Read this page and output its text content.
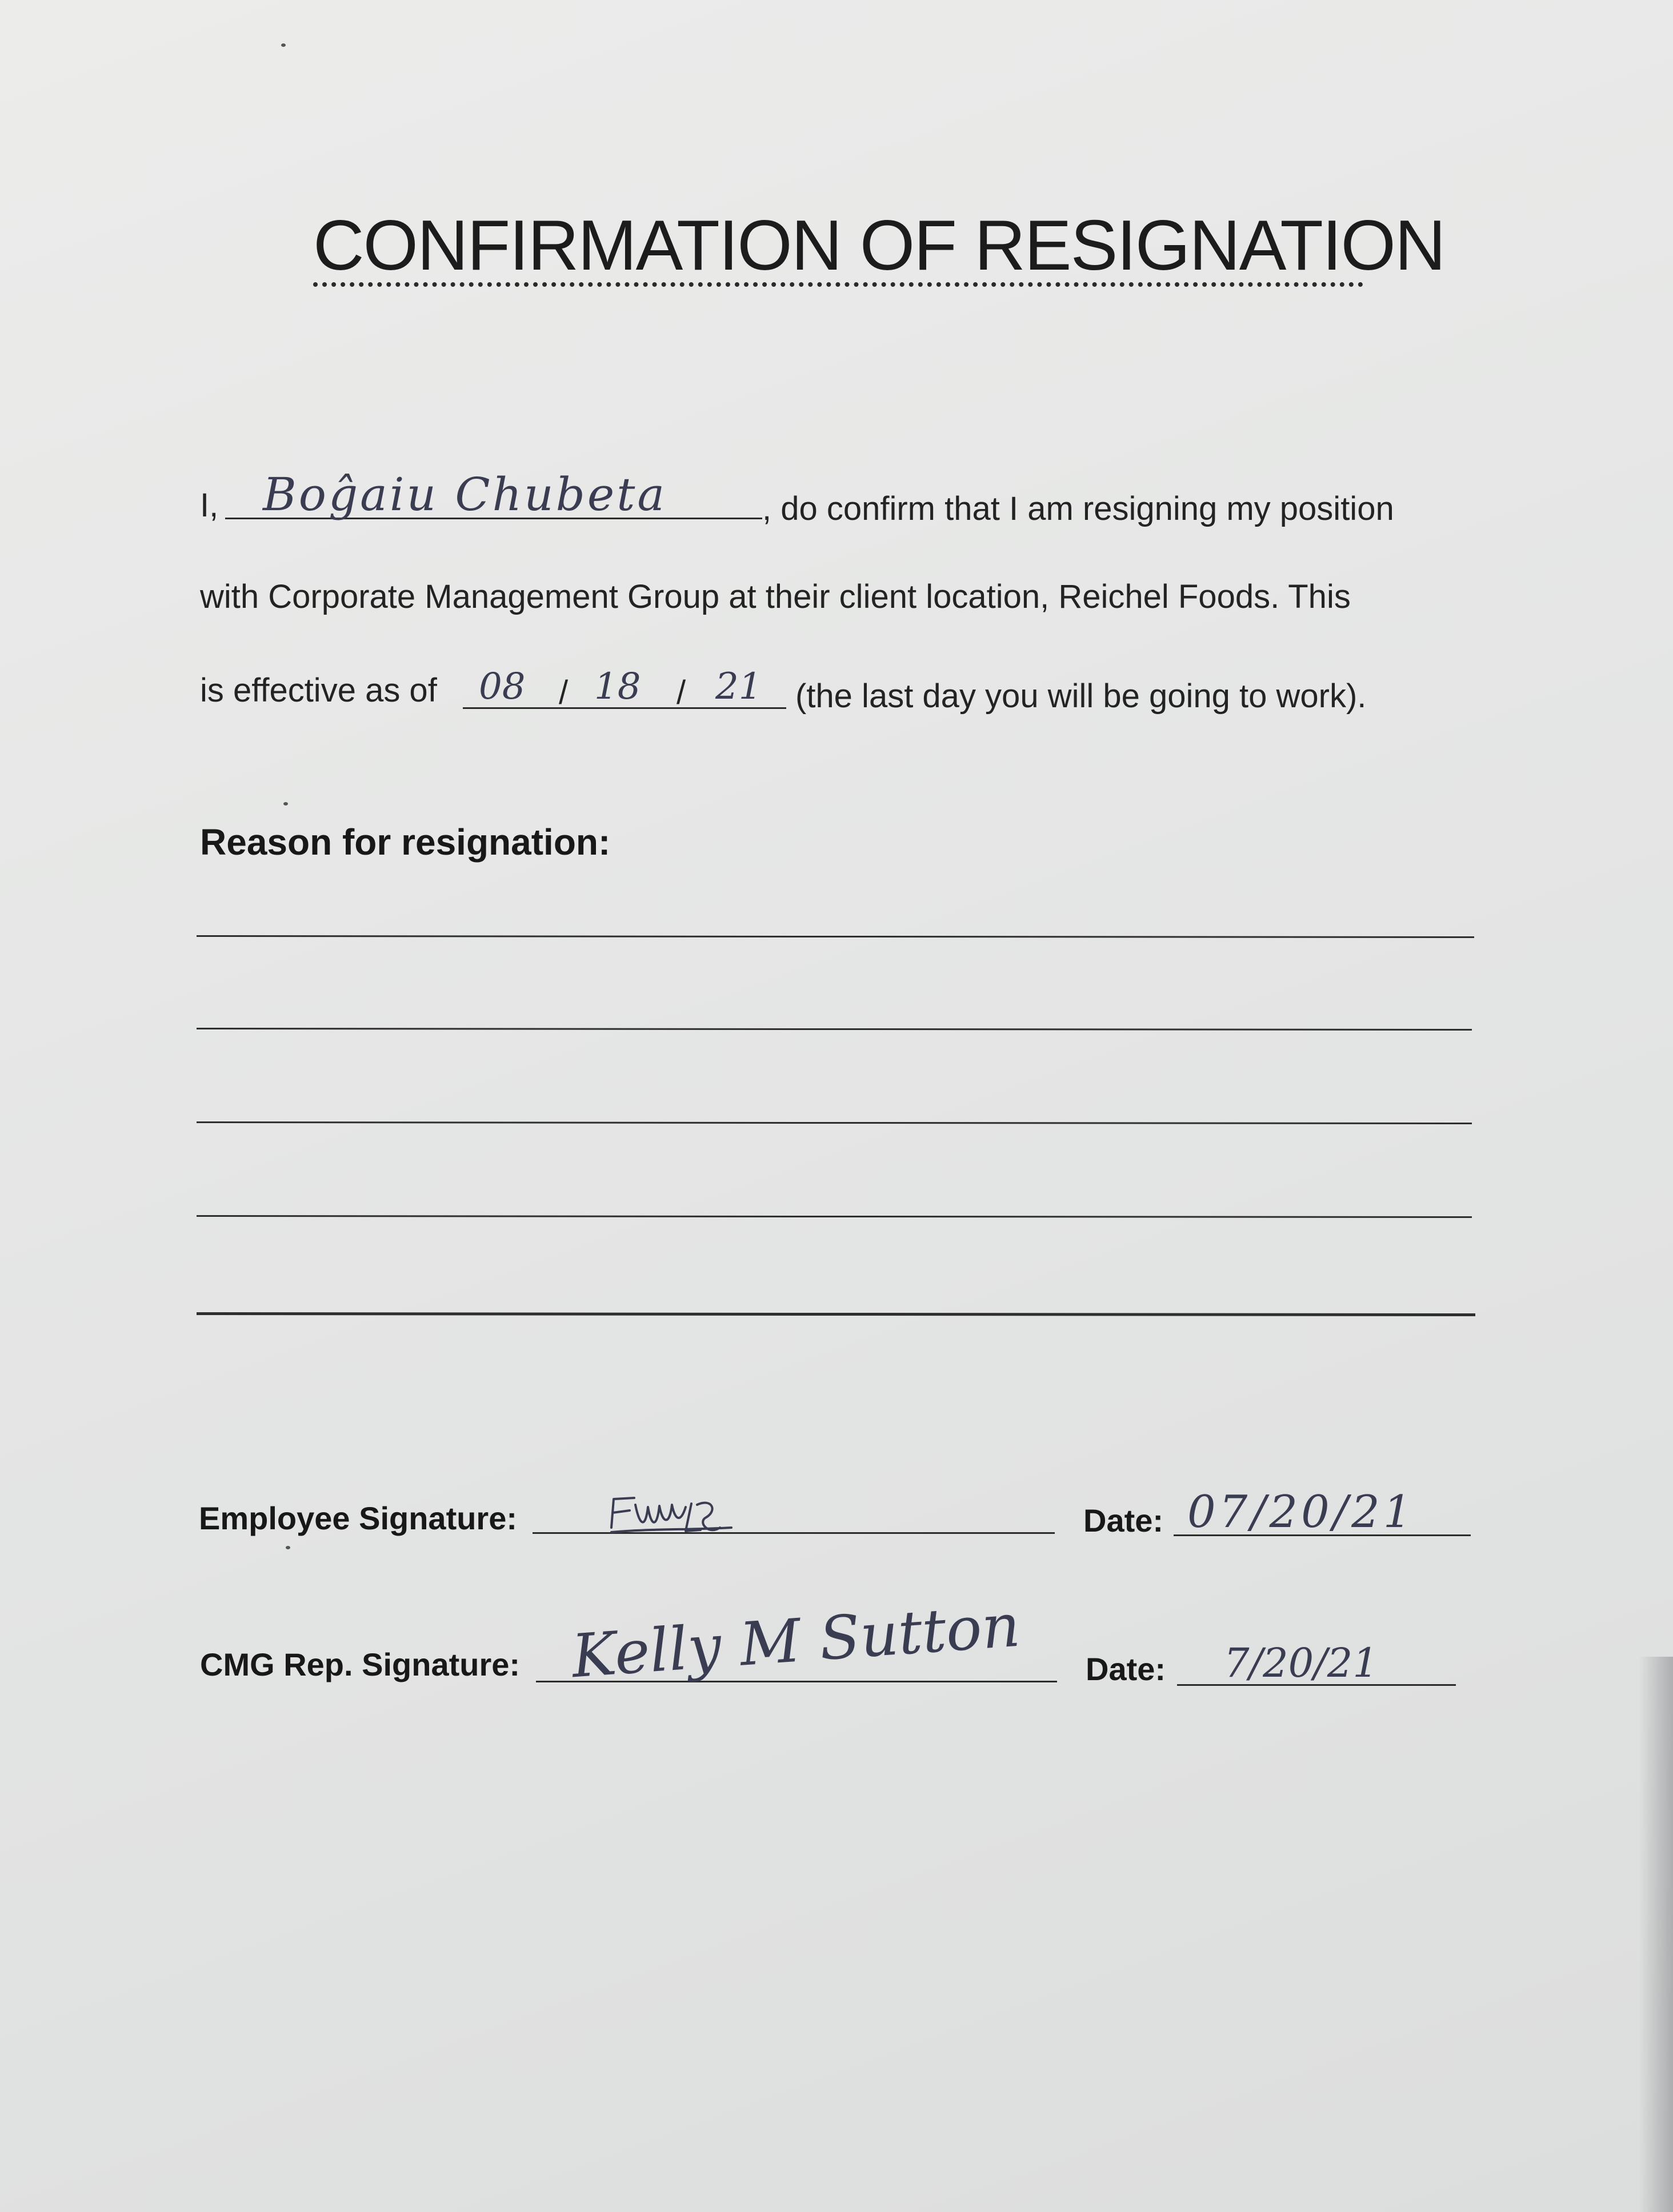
CONFIRMATION OF RESIGNATION
I, Boĝaiu Chubeta	, do confirm that I am resigning my position
with Corporate Management Group at their client location, Reichel Foods. This
is effective as of 08 / 18 / 21 (the last day you will be going to work).
Reason for resignation:
Employee Signature:	Date: 07/20/21
CMG Rep. Signature: Kelly M Sutton Date: 7/20/21
